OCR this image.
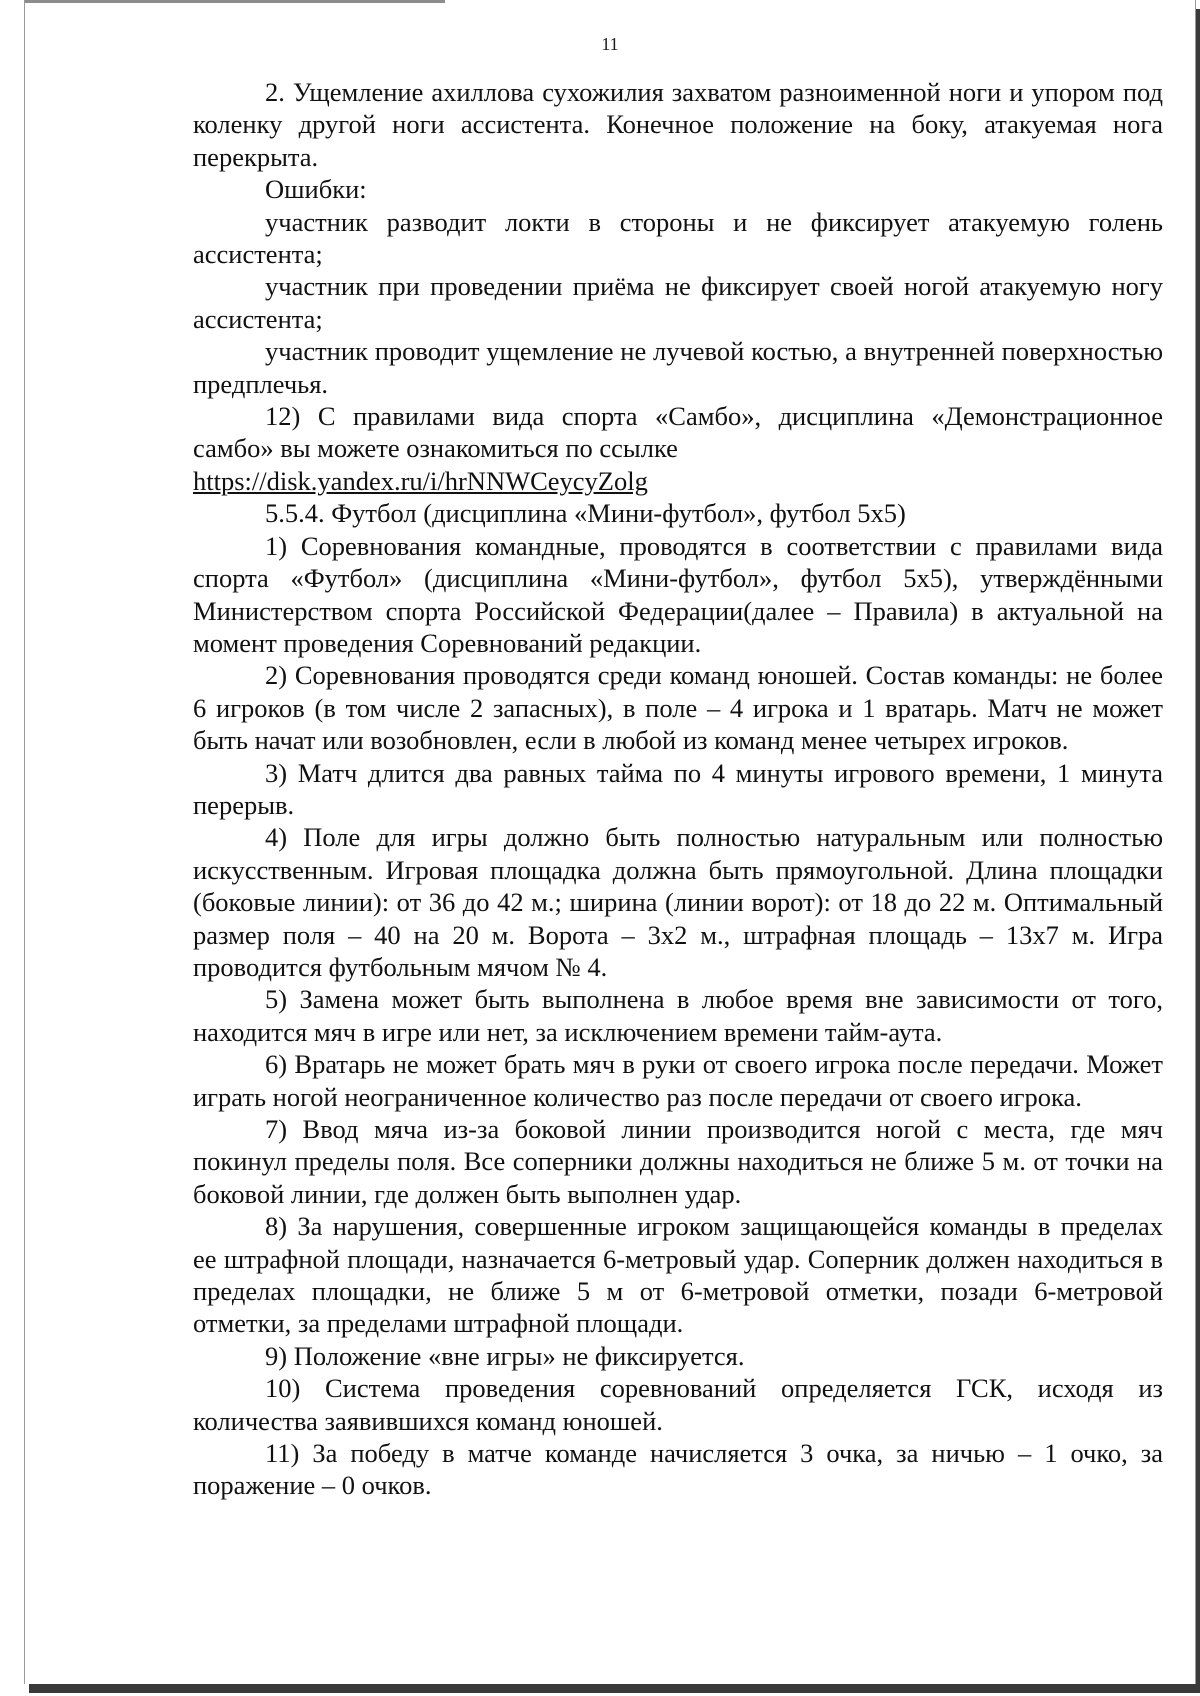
11

2. Ущемление ахиллова сухожилия захватом разноименной ноги и упором под коленку другой ноги ассистента. Конечное положение на боку, атакуемая нога перекрыта.

Ошибки:

участник разводит локти в стороны и не фиксирует атакуемую голень ассистента;

участник при проведении приёма не фиксирует своей ногой атакуемую ногу ассистента;

участник проводит ущемление не лучевой костью, а внутренней поверхностью предплечья.

12) С правилами вида спорта «Самбо», дисциплина «Демонстрационное самбо» вы можете ознакомиться по ссылке

https://disk.yandex.ru/i/hrNNWCeycyZolg

5.5.4. Футбол (дисциплина «Мини-футбол», футбол 5х5)

1) Соревнования командные, проводятся в соответствии с правилами вида спорта «Футбол» (дисциплина «Мини-футбол», футбол 5х5), утверждёнными Министерством спорта Российской Федерации(далее – Правила) в актуальной на момент проведения Соревнований редакции.

2) Соревнования проводятся среди команд юношей. Состав команды: не более 6 игроков (в том числе 2 запасных), в поле – 4 игрока и 1 вратарь. Матч не может быть начат или возобновлен, если в любой из команд менее четырех игроков.

3) Матч длится два равных тайма по 4 минуты игрового времени, 1 минута перерыв.

4) Поле для игры должно быть полностью натуральным или полностью искусственным. Игровая площадка должна быть прямоугольной. Длина площадки (боковые линии): от 36 до 42 м.; ширина (линии ворот): от 18 до 22 м. Оптимальный размер поля – 40 на 20 м. Ворота – 3х2 м., штрафная площадь – 13х7 м. Игра проводится футбольным мячом № 4.

5) Замена может быть выполнена в любое время вне зависимости от того, находится мяч в игре или нет, за исключением времени тайм-аута.

6) Вратарь не может брать мяч в руки от своего игрока после передачи. Может играть ногой неограниченное количество раз после передачи от своего игрока.

7) Ввод мяча из-за боковой линии производится ногой с места, где мяч покинул пределы поля. Все соперники должны находиться не ближе 5 м. от точки на боковой линии, где должен быть выполнен удар.

8) За нарушения, совершенные игроком защищающейся команды в пределах ее штрафной площади, назначается 6-метровый удар. Соперник должен находиться в пределах площадки, не ближе 5 м от 6-метровой отметки, позади 6-метровой отметки, за пределами штрафной площади.

9) Положение «вне игры» не фиксируется.

10) Система проведения соревнований определяется ГСК, исходя из количества заявившихся команд юношей.

11) За победу в матче команде начисляется 3 очка, за ничью – 1 очко, за поражение – 0 очков.
